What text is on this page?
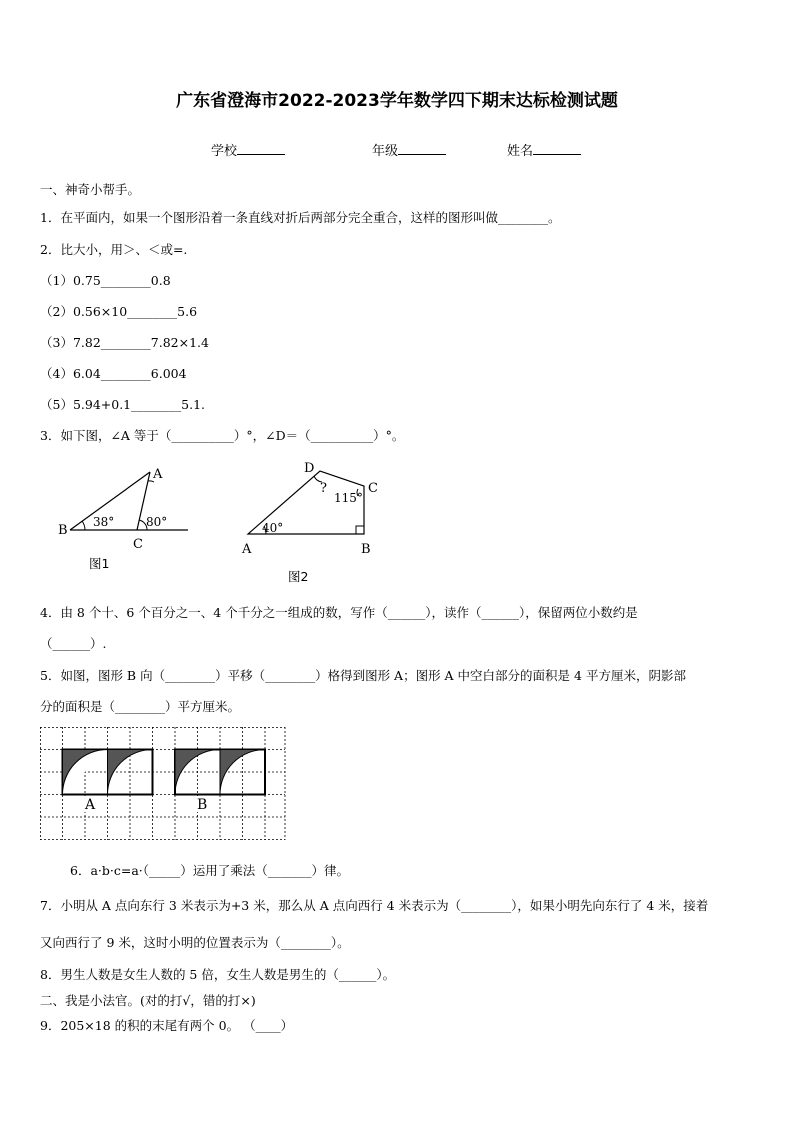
广东省澄海市2022-2023学年数学四下期末达标检测试题
学校	年级	姓名
一、神奇小帮手。
1．在平面内，如果一个图形沿着一条直线对折后两部分完全重合，这样的图形叫做________。
2．比大小，用＞、＜或=.
（1）0.75________0.8
（2）0.56×10________5.6
（3）7.82________7.82×1.4
（4）6.04________6.004
（5）5.94+0.1________5.1.
3．如下图，∠A 等于（__________）°，∠D＝（__________）°。
A
B
C
38°	80°
图1
D
C
A	B
40°
115°
?
图2
4．由 8 个十、6 个百分之一、4 个千分之一组成的数，写作（______），读作（______），保留两位小数约是
（______）.
5．如图，图形 B 向（________）平移（________）格得到图形 A；图形 A 中空白部分的面积是 4 平方厘米，阴影部
分的面积是（________）平方厘米。
A	B
6．a·b·c=a·（_____）运用了乘法（_______）律。
7．小明从 A 点向东行 3 米表示为+3 米，那么从 A 点向西行 4 米表示为（________），如果小明先向东行了 4 米，接着
又向西行了 9 米，这时小明的位置表示为（________）。
8．男生人数是女生人数的 5 倍，女生人数是男生的（______）。
二、我是小法官。(对的打√，错的打×)
9．205×18 的积的末尾有两个 0。 （____）
